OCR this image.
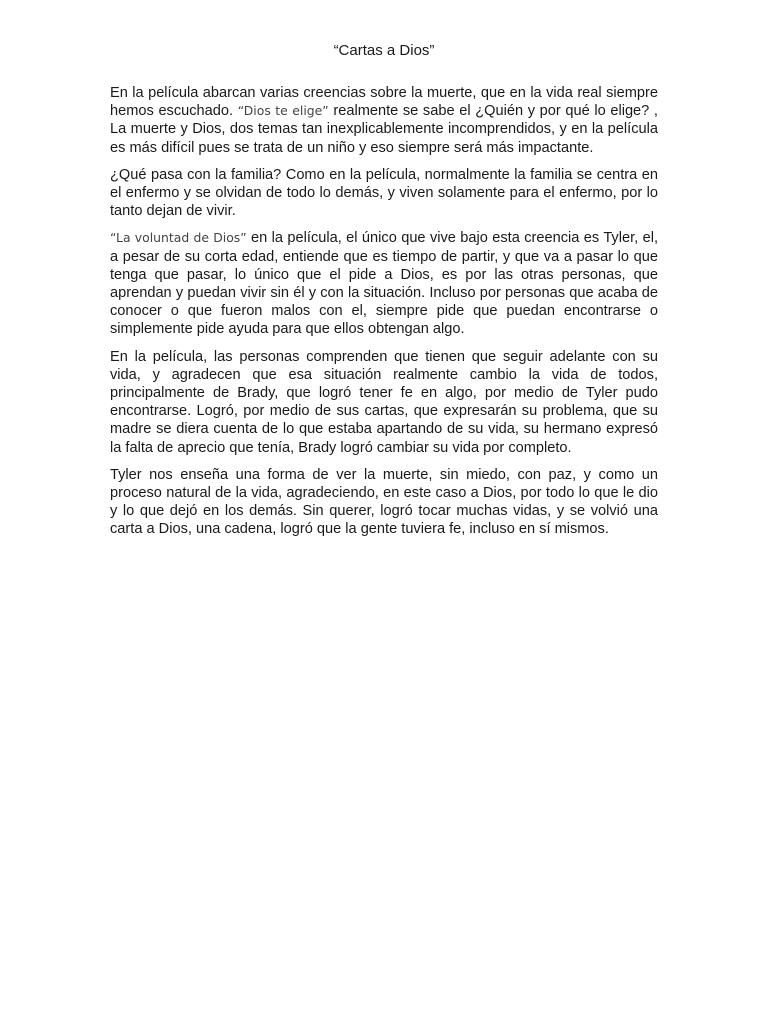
“Cartas a Dios”

En la película abarcan varias creencias sobre la muerte, que en la vida real siempre hemos escuchado. “Dios te elige” realmente se sabe el ¿Quién y por qué lo elige? , La muerte y Dios, dos temas tan inexplicablemente incomprendidos, y en la película es más difícil pues se trata de un niño y eso siempre será más impactante.

¿Qué pasa con la familia? Como en la película, normalmente la familia se centra en el enfermo y se olvidan de todo lo demás, y viven solamente para el enfermo, por lo tanto dejan de vivir.

“La voluntad de Dios” en la película, el único que vive bajo esta creencia es Tyler, el, a pesar de su corta edad, entiende que es tiempo de partir, y que va a pasar lo que tenga que pasar, lo único que el pide a Dios, es por las otras personas, que aprendan y puedan vivir sin él y con la situación. Incluso por personas que acaba de conocer o que fueron malos con el, siempre pide que puedan encontrarse o simplemente pide ayuda para que ellos obtengan algo.

En la película, las personas comprenden que tienen que seguir adelante con su vida, y agradecen que esa situación realmente cambio la vida de todos, principalmente de Brady, que logró tener fe en algo, por medio de Tyler pudo encontrarse. Logró, por medio de sus cartas, que expresarán su problema, que su madre se diera cuenta de lo que estaba apartando de su vida, su hermano expresó la falta de aprecio que tenía, Brady logró cambiar su vida por completo.

Tyler nos enseña una forma de ver la muerte, sin miedo, con paz, y como un proceso natural de la vida, agradeciendo, en este caso a Dios, por todo lo que le dio y lo que dejó en los demás. Sin querer, logró tocar muchas vidas, y se volvió una carta a Dios, una cadena, logró que la gente tuviera fe, incluso en sí mismos.
